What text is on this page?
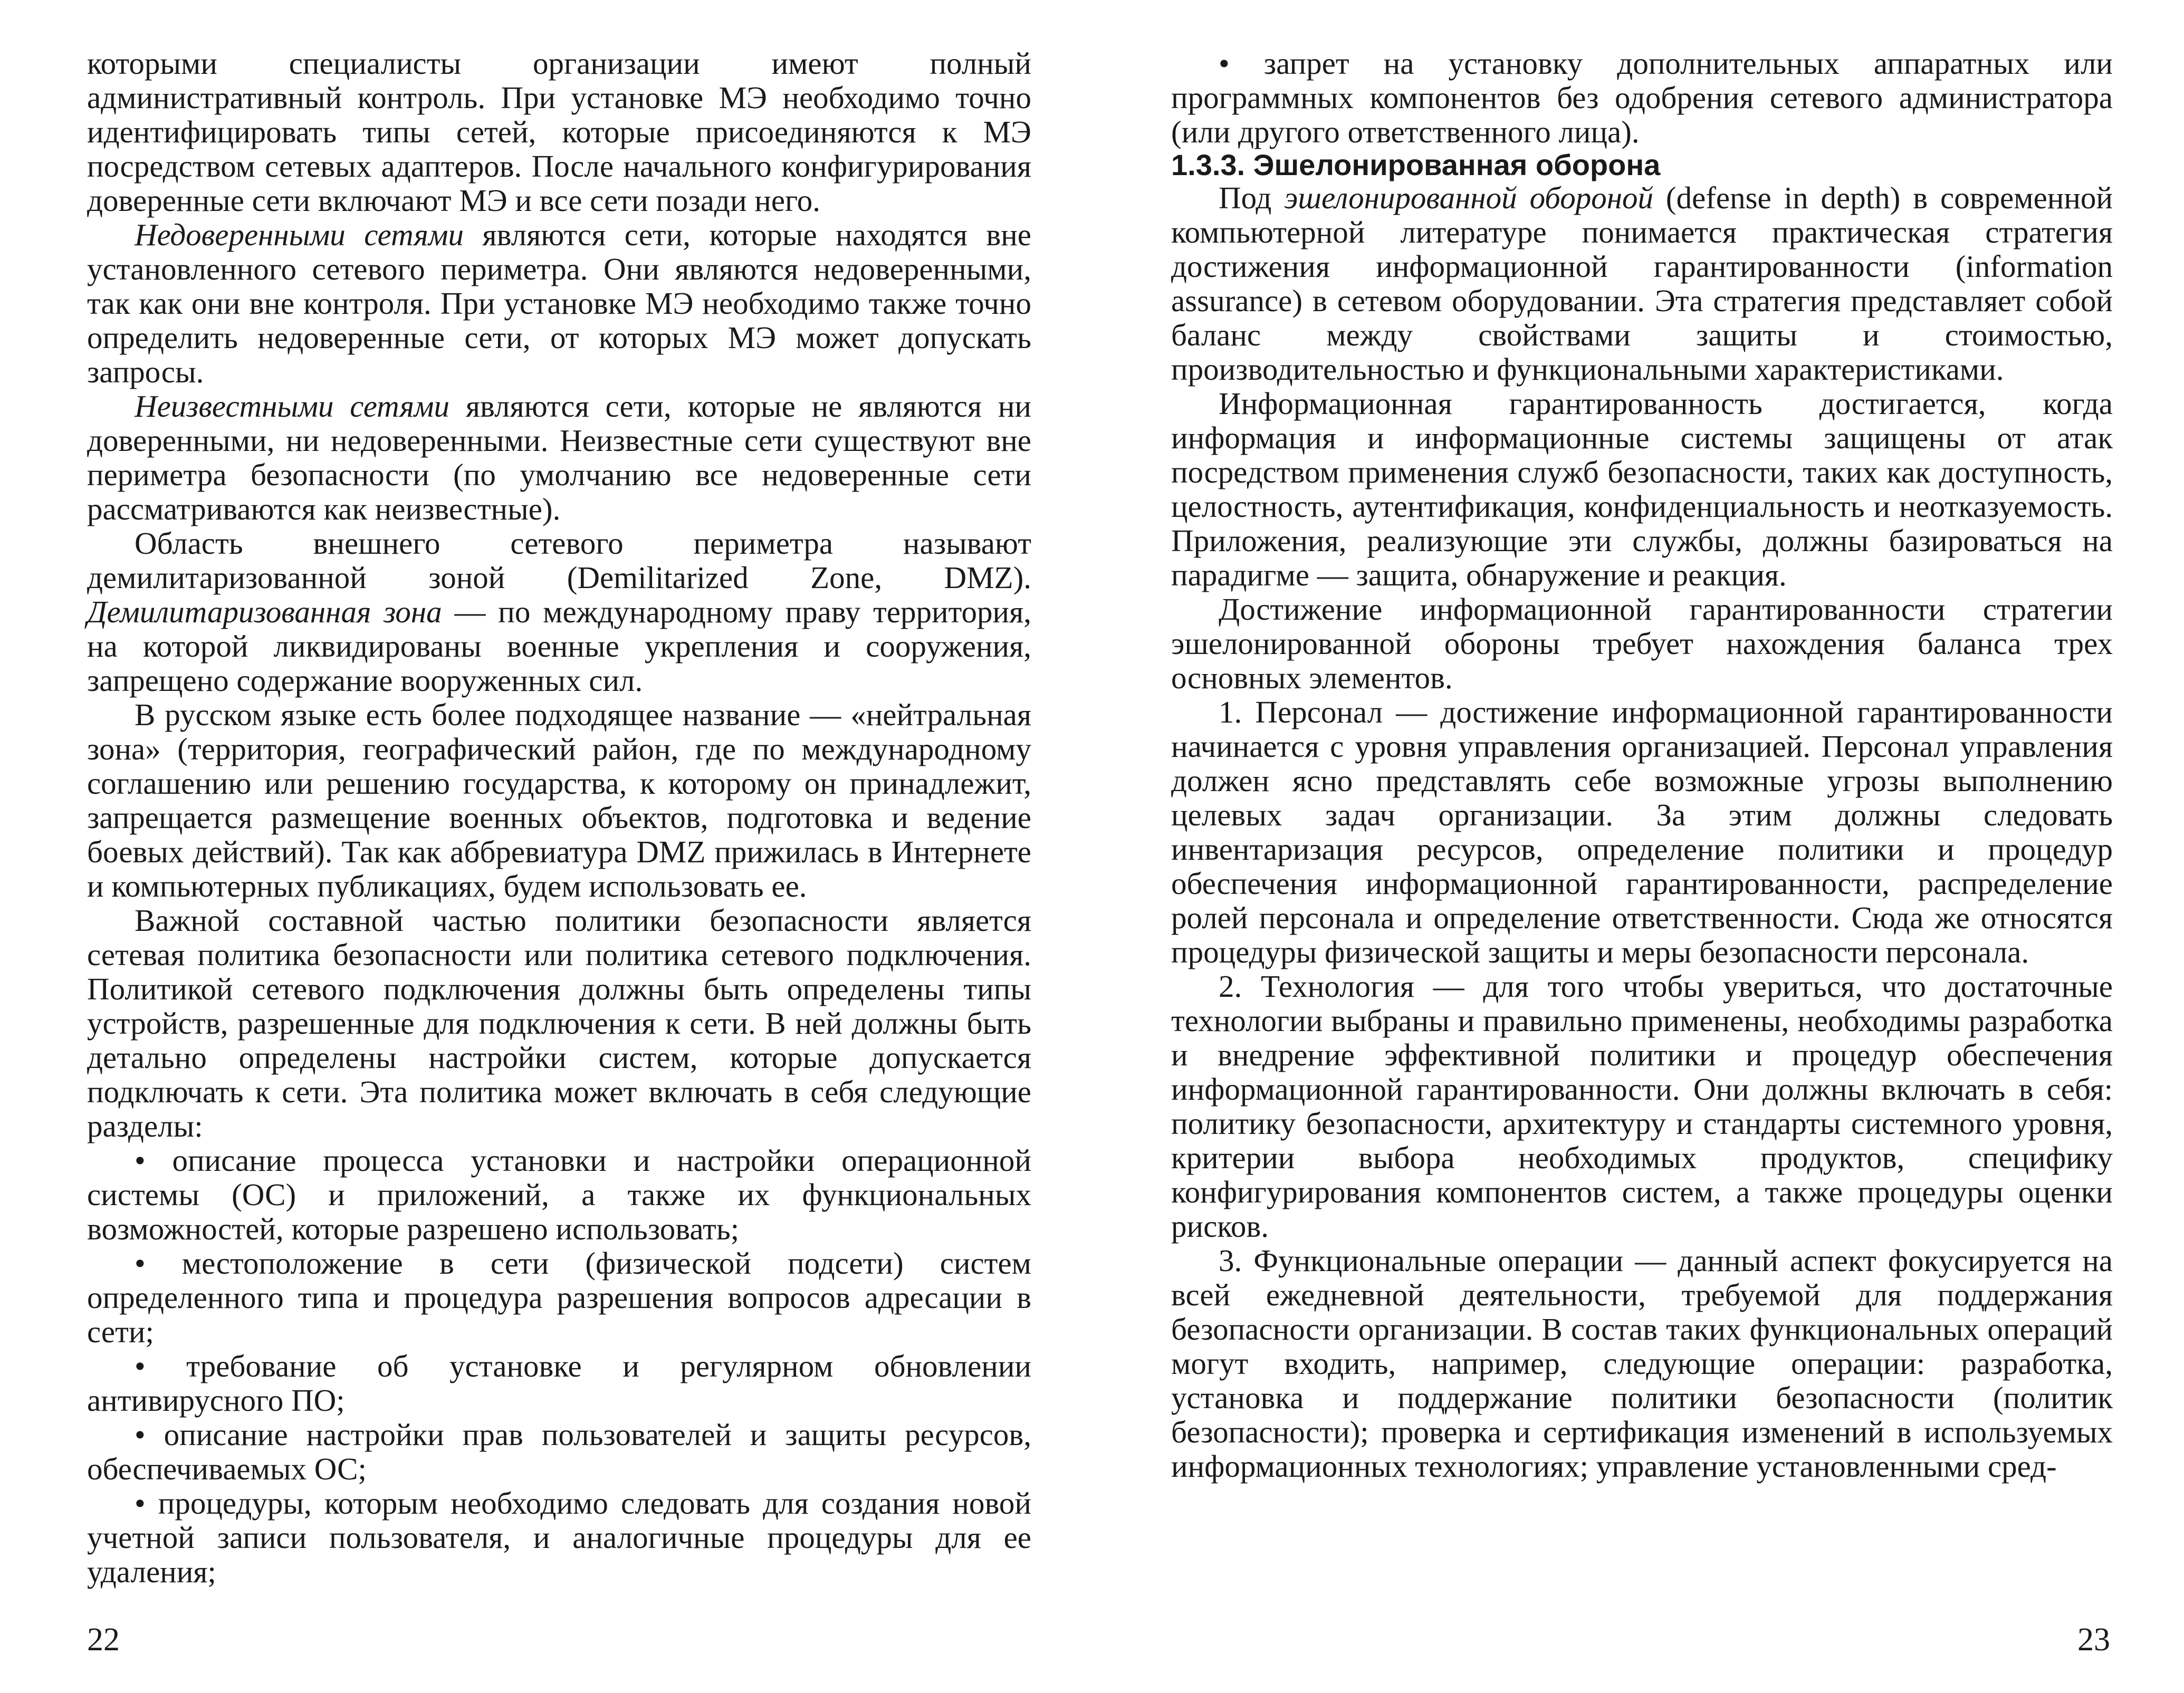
которыми специалисты организации имеют полный административный контроль. При установке МЭ необходимо точно идентифицировать типы сетей, которые присоединяются к МЭ посредством сетевых адаптеров. После начального конфигурирования доверенные сети включают МЭ и все сети позади него.

Недоверенными сетями являются сети, которые находятся вне установленного сетевого периметра. Они являются недоверенными, так как они вне контроля. При установке МЭ необходимо также точно определить недоверенные сети, от которых МЭ может допускать запросы.

Неизвестными сетями являются сети, которые не являются ни доверенными, ни недоверенными. Неизвестные сети существуют вне периметра безопасности (по умолчанию все недоверенные сети рассматриваются как неизвестные).

Область внешнего сетевого периметра называют демилитаризованной зоной (Demilitarized Zone, DMZ). Демилитаризованная зона — по международному праву территория, на которой ликвидированы военные укрепления и сооружения, запрещено содержание вооруженных сил.

В русском языке есть более подходящее название — «нейтральная зона» (территория, географический район, где по международному соглашению или решению государства, к которому он принадлежит, запрещается размещение военных объектов, подготовка и ведение боевых действий). Так как аббревиатура DMZ прижилась в Интернете и компьютерных публикациях, будем использовать ее.

Важной составной частью политики безопасности является сетевая политика безопасности или политика сетевого подключения. Политикой сетевого подключения должны быть определены типы устройств, разрешенные для подключения к сети. В ней должны быть детально определены настройки систем, которые допускается подключать к сети. Эта политика может включать в себя следующие разделы:

• описание процесса установки и настройки операционной системы (ОС) и приложений, а также их функциональных возможностей, которые разрешено использовать;

• местоположение в сети (физической подсети) систем определенного типа и процедура разрешения вопросов адресации в сети;

• требование об установке и регулярном обновлении антивирусного ПО;

• описание настройки прав пользователей и защиты ресурсов, обеспечиваемых ОС;

• процедуры, которым необходимо следовать для создания новой учетной записи пользователя, и аналогичные процедуры для ее удаления;

22

• запрет на установку дополнительных аппаратных или программных компонентов без одобрения сетевого администратора (или другого ответственного лица).

1.3.3. Эшелонированная оборона

Под эшелонированной обороной (defense in depth) в современной компьютерной литературе понимается практическая стратегия достижения информационной гарантированности (information assurance) в сетевом оборудовании. Эта стратегия представляет собой баланс между свойствами защиты и стоимостью, производительностью и функциональными характеристиками.

Информационная гарантированность достигается, когда информация и информационные системы защищены от атак посредством применения служб безопасности, таких как доступность, целостность, аутентификация, конфиденциальность и неотказуемость. Приложения, реализующие эти службы, должны базироваться на парадигме — защита, обнаружение и реакция.

Достижение информационной гарантированности стратегии эшелонированной обороны требует нахождения баланса трех основных элементов.

1. Персонал — достижение информационной гарантированности начинается с уровня управления организацией. Персонал управления должен ясно представлять себе возможные угрозы выполнению целевых задач организации. За этим должны следовать инвентаризация ресурсов, определение политики и процедур обеспечения информационной гарантированности, распределение ролей персонала и определение ответственности. Сюда же относятся процедуры физической защиты и меры безопасности персонала.

2. Технология — для того чтобы увериться, что достаточные технологии выбраны и правильно применены, необходимы разработка и внедрение эффективной политики и процедур обеспечения информационной гарантированности. Они должны включать в себя: политику безопасности, архитектуру и стандарты системного уровня, критерии выбора необходимых продуктов, специфику конфигурирования компонентов систем, а также процедуры оценки рисков.

3. Функциональные операции — данный аспект фокусируется на всей ежедневной деятельности, требуемой для поддержания безопасности организации. В состав таких функциональных операций могут входить, например, следующие операции: разработка, установка и поддержание политики безопасности (политик безопасности); проверка и сертификация изменений в используемых информационных технологиях; управление установленными сред-

23
